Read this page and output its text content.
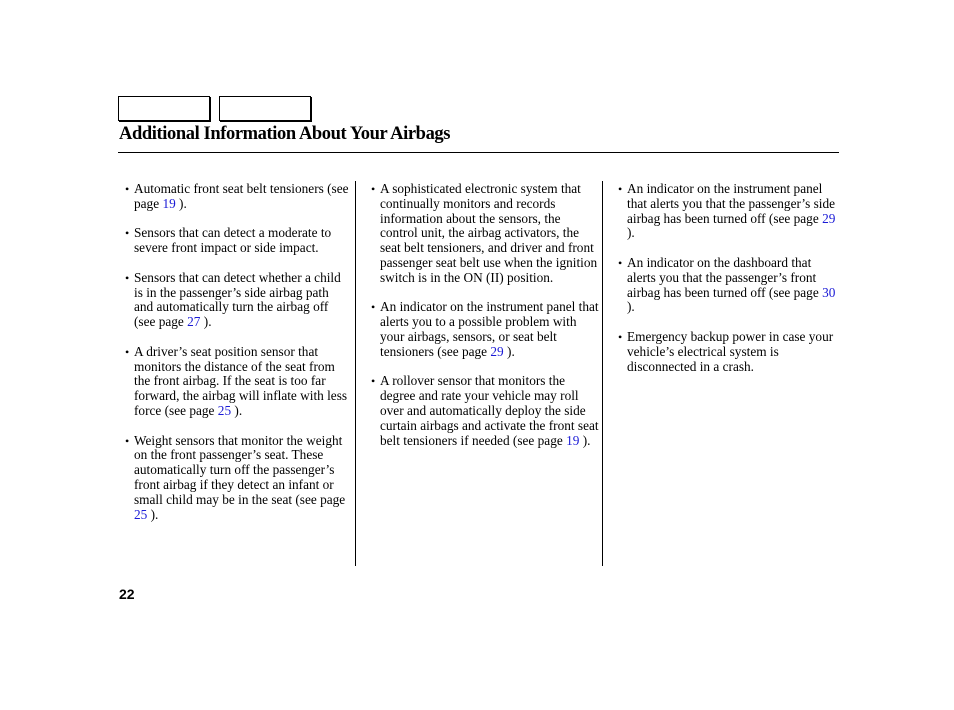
Additional Information About Your Airbags
• Automatic front seat belt tensioners (see page 19 ).
• Sensors that can detect a moderate to severe front impact or side impact.
• Sensors that can detect whether a child is in the passenger’s side airbag path and automatically turn the airbag off (see page 27 ).
• A driver’s seat position sensor that monitors the distance of the seat from the front airbag. If the seat is too far forward, the airbag will inflate with less force (see page 25 ).
• Weight sensors that monitor the weight on the front passenger’s seat. These automatically turn off the passenger’s front airbag if they detect an infant or small child may be in the seat (see page 25 ).
• A sophisticated electronic system that continually monitors and records information about the sensors, the control unit, the airbag activators, the seat belt tensioners, and driver and front passenger seat belt use when the ignition switch is in the ON (II) position.
• An indicator on the instrument panel that alerts you to a possible problem with your airbags, sensors, or seat belt tensioners (see page 29 ).
• A rollover sensor that monitors the degree and rate your vehicle may roll over and automatically deploy the side curtain airbags and activate the front seat belt tensioners if needed (see page 19 ).
• An indicator on the instrument panel that alerts you that the passenger’s side airbag has been turned off (see page 29 ).
• An indicator on the dashboard that alerts you that the passenger’s front airbag has been turned off (see page 30 ).
• Emergency backup power in case your vehicle’s electrical system is disconnected in a crash.
22
